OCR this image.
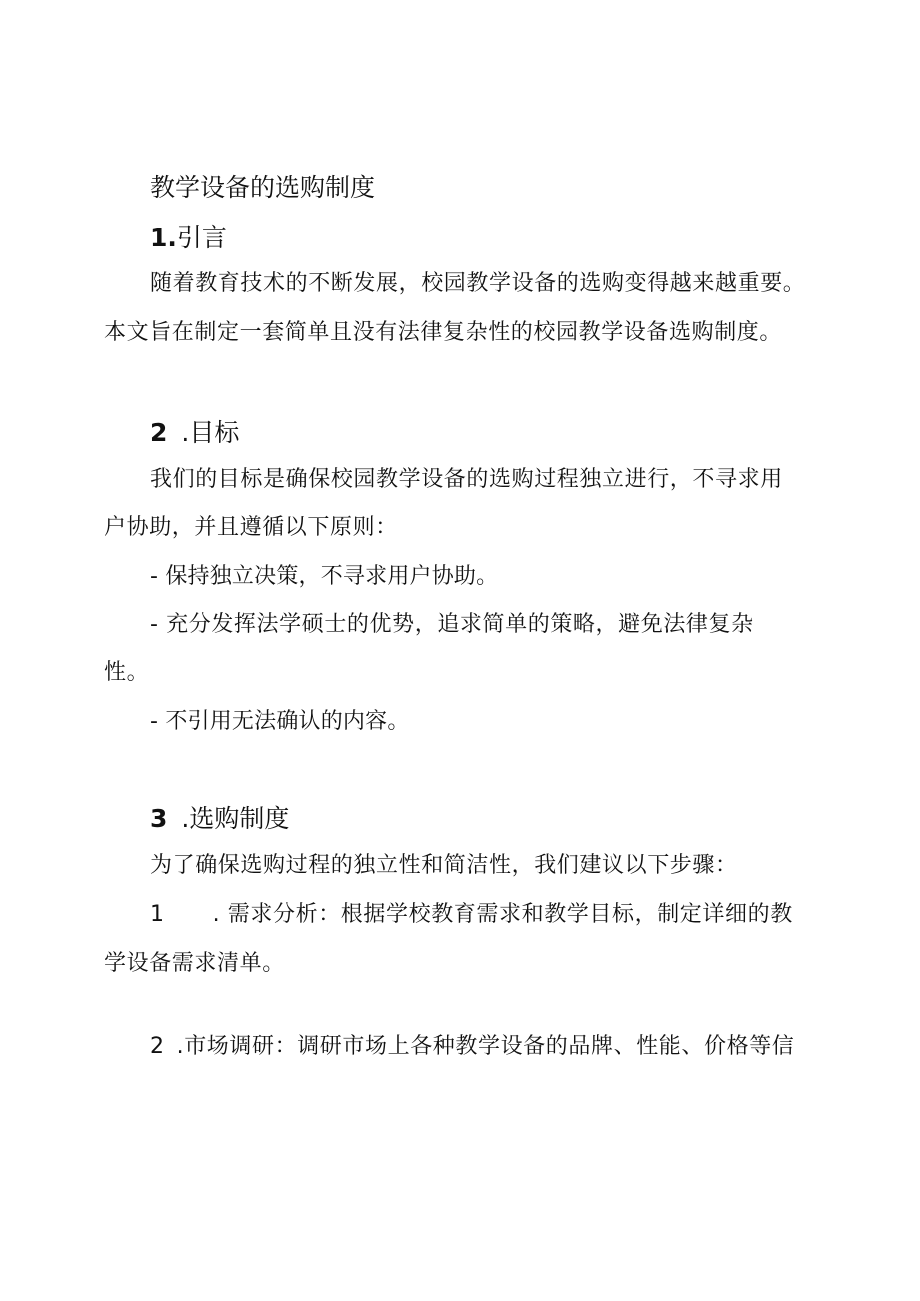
教学设备的选购制度
1.引言
随着教育技术的不断发展，校园教学设备的选购变得越来越重要。
本文旨在制定一套简单且没有法律复杂性的校园教学设备选购制度。
2 .目标
我们的目标是确保校园教学设备的选购过程独立进行，不寻求用
户协助，并且遵循以下原则：
- 保持独立决策，不寻求用户协助。
- 充分发挥法学硕士的优势，追求简单的策略，避免法律复杂
性。
- 不引用无法确认的内容。
3 .选购制度
为了确保选购过程的独立性和简洁性，我们建议以下步骤：
1 . 需求分析：根据学校教育需求和教学目标，制定详细的教
学设备需求清单。
2 .市场调研：调研市场上各种教学设备的品牌、性能、价格等信
